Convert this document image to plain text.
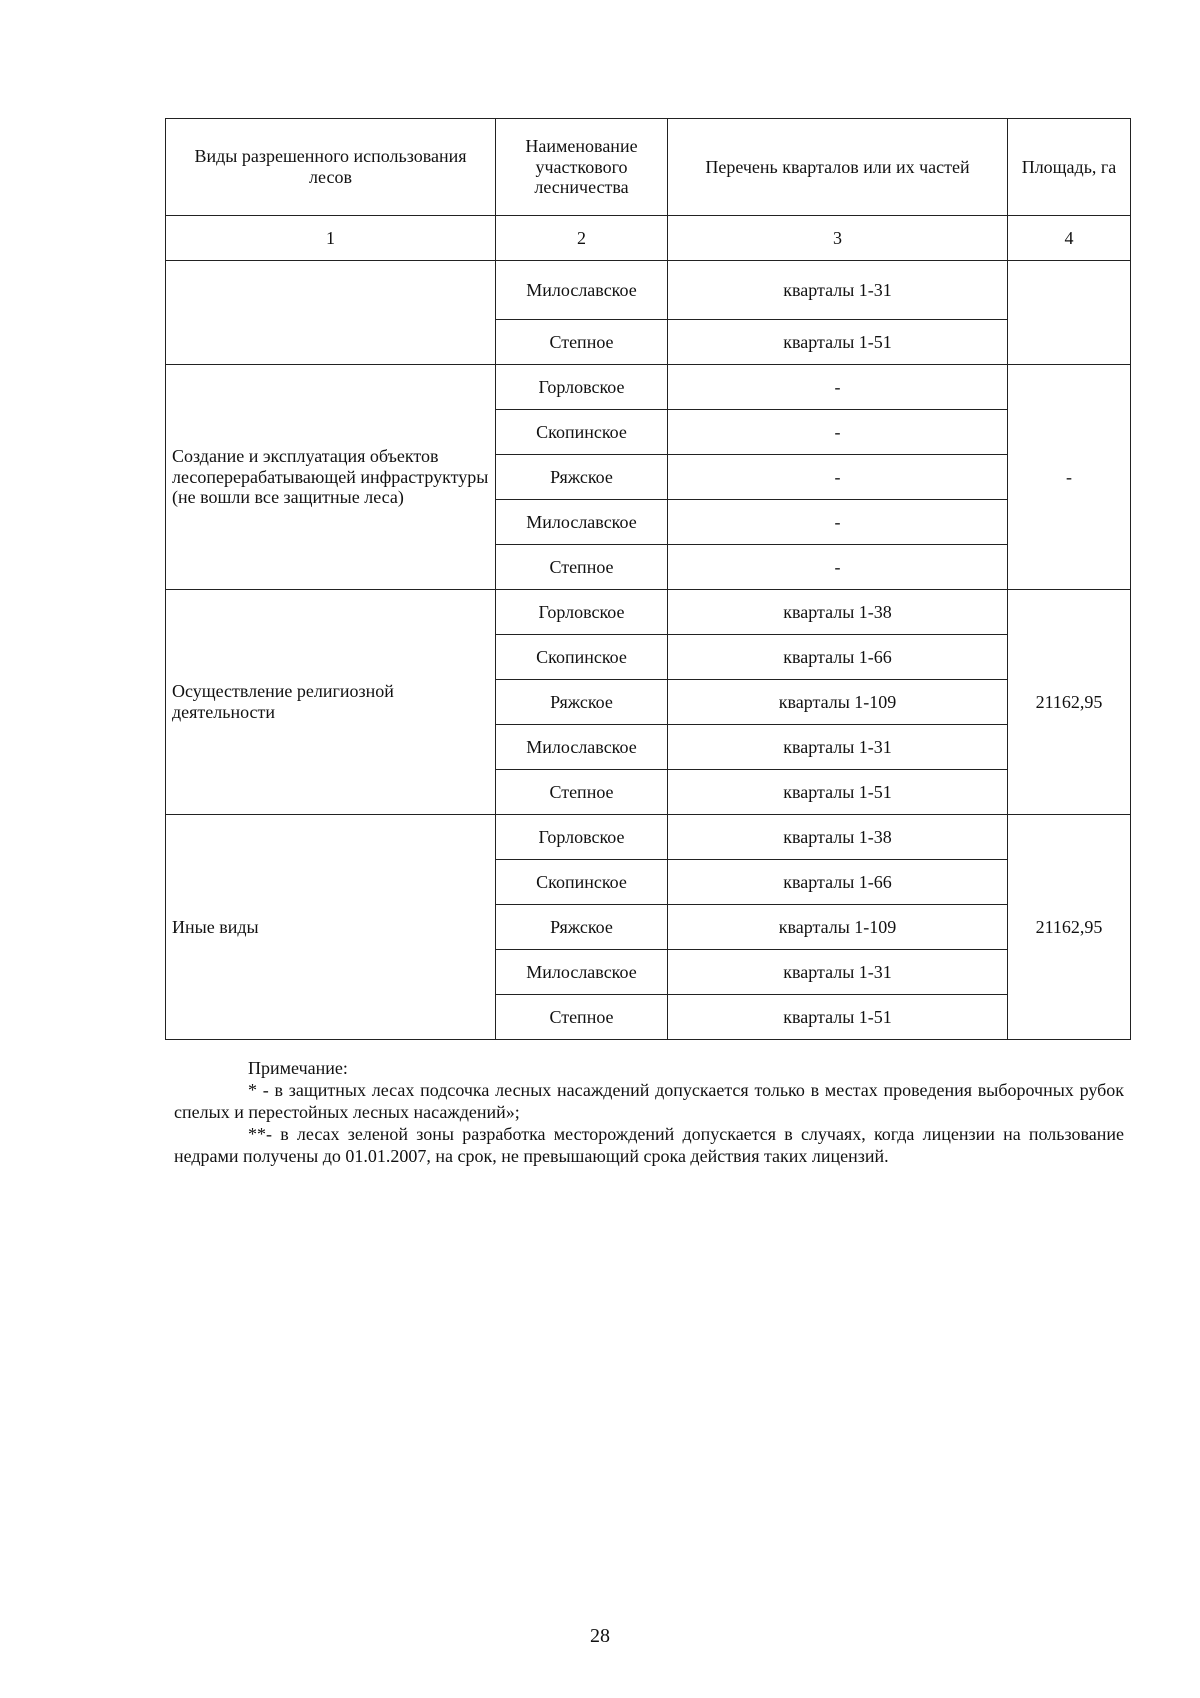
Виды разрешенного использования лесов	Наименование участкового лесничества	Перечень кварталов или их частей	Площадь, га
1	2	3	4
	Милославское	кварталы 1-31	
	Степное	кварталы 1-51	
Создание и эксплуатация объектов лесоперерабатывающей инфраструктуры (не вошли все защитные леса)	Горловское	-	-
	Скопинское	-	
	Ряжское	-	
	Милославское	-	
	Степное	-	
Осуществление религиозной деятельности	Горловское	кварталы 1-38	21162,95
	Скопинское	кварталы 1-66	
	Ряжское	кварталы 1-109	
	Милославское	кварталы 1-31	
	Степное	кварталы 1-51	
Иные виды	Горловское	кварталы 1-38	21162,95
	Скопинское	кварталы 1-66	
	Ряжское	кварталы 1-109	
	Милославское	кварталы 1-31	
	Степное	кварталы 1-51	
Примечание:
* - в защитных лесах подсочка лесных насаждений допускается только в местах проведения выборочных рубок спелых и перестойных лесных насаждений»;
**- в лесах зеленой зоны разработка месторождений допускается в случаях, когда лицензии на пользование недрами получены до 01.01.2007, на срок, не превышающий срока действия таких лицензий.
28
